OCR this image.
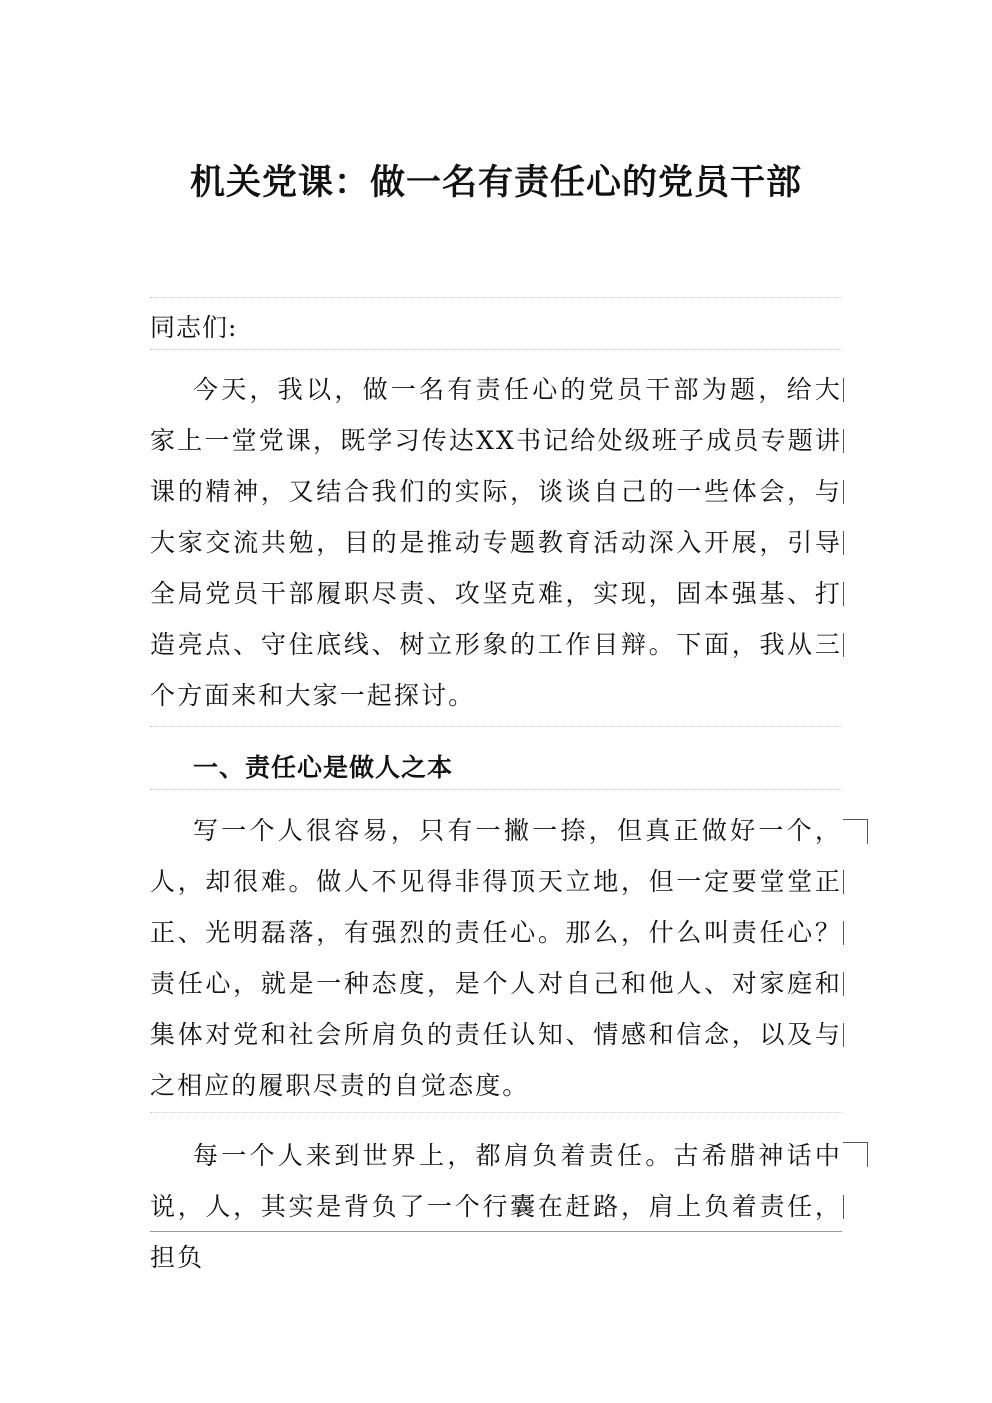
机关党课：做一名有责任心的党员干部

同志们:

今天，我以，做一名有责任心的党员干部为题，给大家上一堂党课，既学习传达XX书记给处级班子成员专题讲课的精神，又结合我们的实际，谈谈自己的一些体会，与大家交流共勉，目的是推动专题教育活动深入开展，引导全局党员干部履职尽责、攻坚克难，实现，固本强基、打造亮点、守住底线、树立形象的工作目辩。下面，我从三个方面来和大家一起探讨。

一、责任心是做人之本

写一个人很容易，只有一撇一捺，但真正做好一个，人，却很难。做人不见得非得顶天立地，但一定要堂堂正正、光明磊落，有强烈的责任心。那么，什么叫责任心？责任心，就是一种态度，是个人对自己和他人、对家庭和集体对党和社会所肩负的责任认知、情感和信念，以及与之相应的履职尽责的自觉态度。

每一个人来到世界上，都肩负着责任。古希腊神话中说，人，其实是背负了一个行囊在赶路，肩上负着责任，担负
